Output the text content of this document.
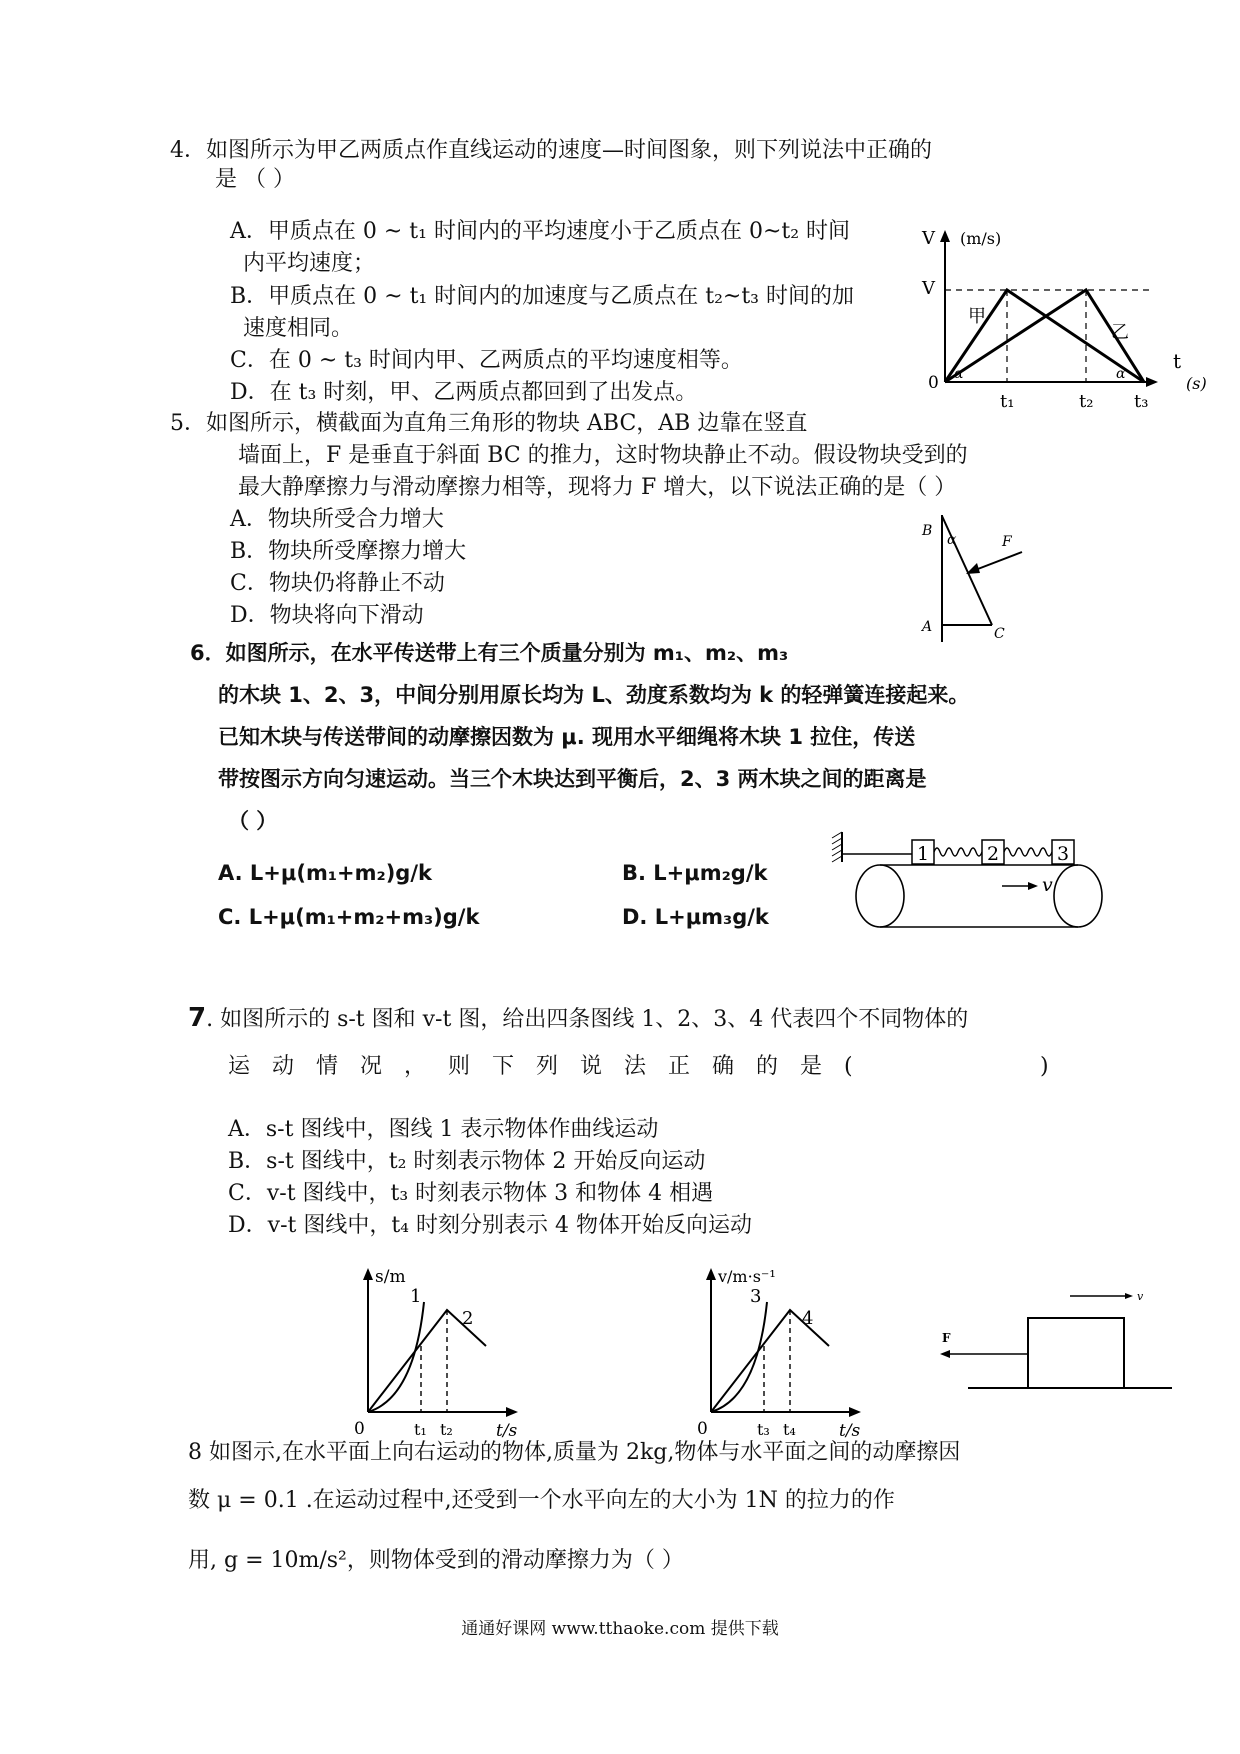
4．如图所示为甲乙两质点作直线运动的速度—时间图象，则下列说法中正确的
是 （ ）
A．甲质点在 0 ~ t₁ 时间内的平均速度小于乙质点在 0~t₂ 时间
内平均速度；
B．甲质点在 0 ~ t₁ 时间内的加速度与乙质点在 t₂~t₃ 时间的加
速度相同。
C．在 0 ~ t₃ 时间内甲、乙两质点的平均速度相等。
D．在 t₃ 时刻，甲、乙两质点都回到了出发点。
V (m/s)
V
t
(s)
0
甲
乙
α	α
t₁	t₂ t₃
5．如图所示，横截面为直角三角形的物块 ABC，AB 边靠在竖直
墙面上，F 是垂直于斜面 BC 的推力，这时物块静止不动。假设物块受到的
最大静摩擦力与滑动摩擦力相等，现将力 F 增大，以下说法正确的是（ ）
A．物块所受合力增大
B．物块所受摩擦力增大
C．物块仍将静止不动
D．物块将向下滑动
B
α	F
A	C
6．如图所示，在水平传送带上有三个质量分别为 m₁、m₂、m₃
的木块 1、2、3，中间分别用原长均为 L、劲度系数均为 k 的轻弹簧连接起来。
已知木块与传送带间的动摩擦因数为 μ. 现用水平细绳将木块 1 拉住，传送
带按图示方向匀速运动。当三个木块达到平衡后，2、3 两木块之间的距离是
（ ）
A. L+μ(m₁+m₂)g/k	B. L+μm₂g/k
C. L+μ(m₁+m₂+m₃)g/k	D. L+μm₃g/k
1	2	3
v
7. 如图所示的 s-t 图和 v-t 图，给出四条图线 1、2、3、4 代表四个不同物体的
运动情况，则下列说法正确的是(	)
A．s-t 图线中，图线 1 表示物体作曲线运动
B．s-t 图线中，t₂ 时刻表示物体 2 开始反向运动
C．v-t 图线中，t₃ 时刻表示物体 3 和物体 4 相遇
D．v-t 图线中，t₄ 时刻分别表示 4 物体开始反向运动
s/m
t/s
0
1
2
t₁ t₂
v/m·s⁻¹
t/s
0
3
4
t₃ t₄
v
F
8 如图示,在水平面上向右运动的物体,质量为 2kg,物体与水平面之间的动摩擦因
数 μ = 0.1 .在运动过程中,还受到一个水平向左的大小为 1N 的拉力的作
用, g = 10m/s²，则物体受到的滑动摩擦力为（ ）
通通好课网 www.tthaoke.com 提供下载
